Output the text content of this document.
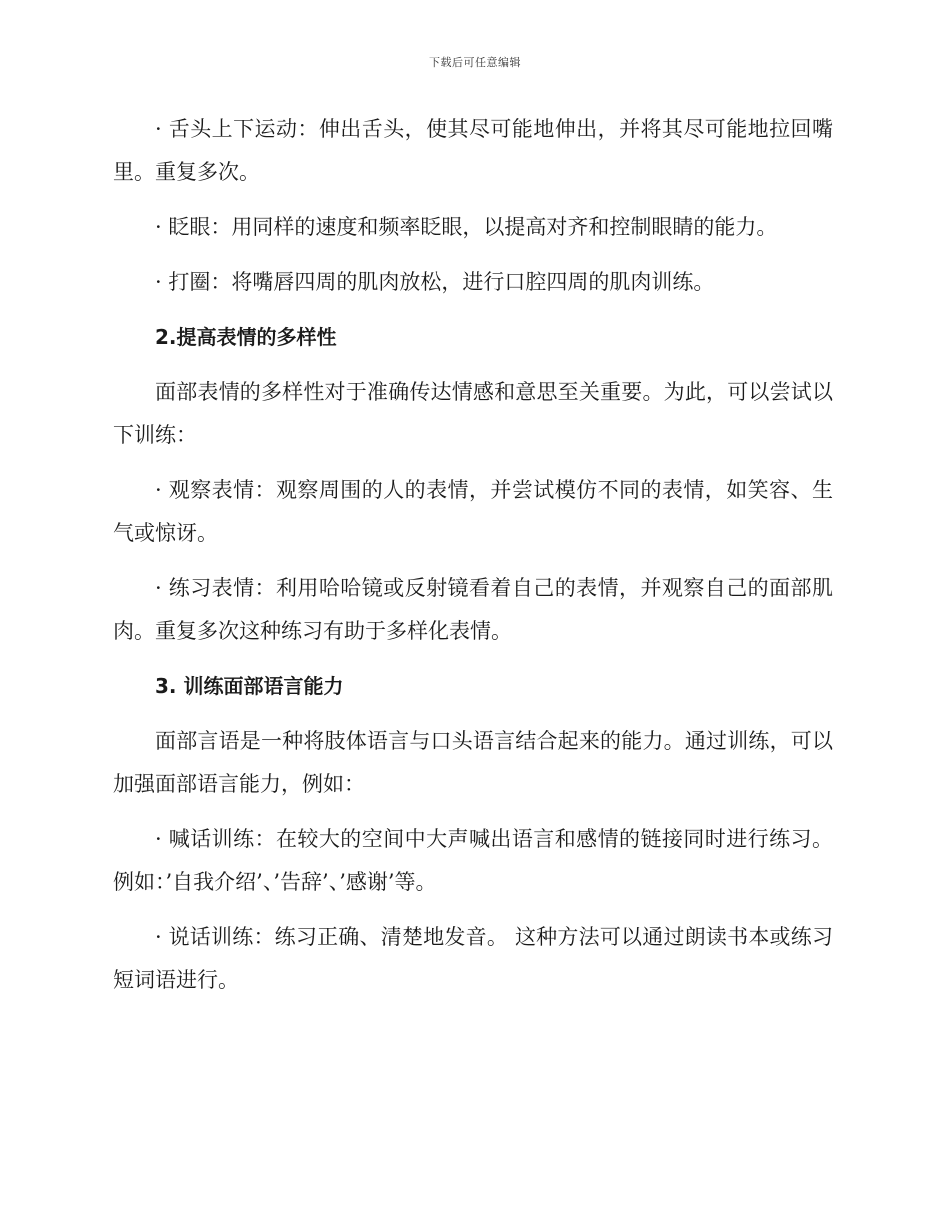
下载后可任意编辑

· 舌头上下运动：伸出舌头，使其尽可能地伸出，并将其尽可能地拉回嘴里。重复多次。

· 眨眼：用同样的速度和频率眨眼，以提高对齐和控制眼睛的能力。

· 打圈：将嘴唇四周的肌肉放松，进行口腔四周的肌肉训练。

2.提高表情的多样性

面部表情的多样性对于准确传达情感和意思至关重要。为此，可以尝试以下训练：

· 观察表情：观察周围的人的表情，并尝试模仿不同的表情，如笑容、生气或惊讶。

· 练习表情：利用哈哈镜或反射镜看着自己的表情，并观察自己的面部肌肉。重复多次这种练习有助于多样化表情。

3. 训练面部语言能力

面部言语是一种将肢体语言与口头语言结合起来的能力。通过训练，可以加强面部语言能力，例如：

· 喊话训练：在较大的空间中大声喊出语言和感情的链接同时进行练习。例如：’自我介绍’、’告辞’、’感谢’等。

· 说话训练：练习正确、清楚地发音。 这种方法可以通过朗读书本或练习短词语进行。
